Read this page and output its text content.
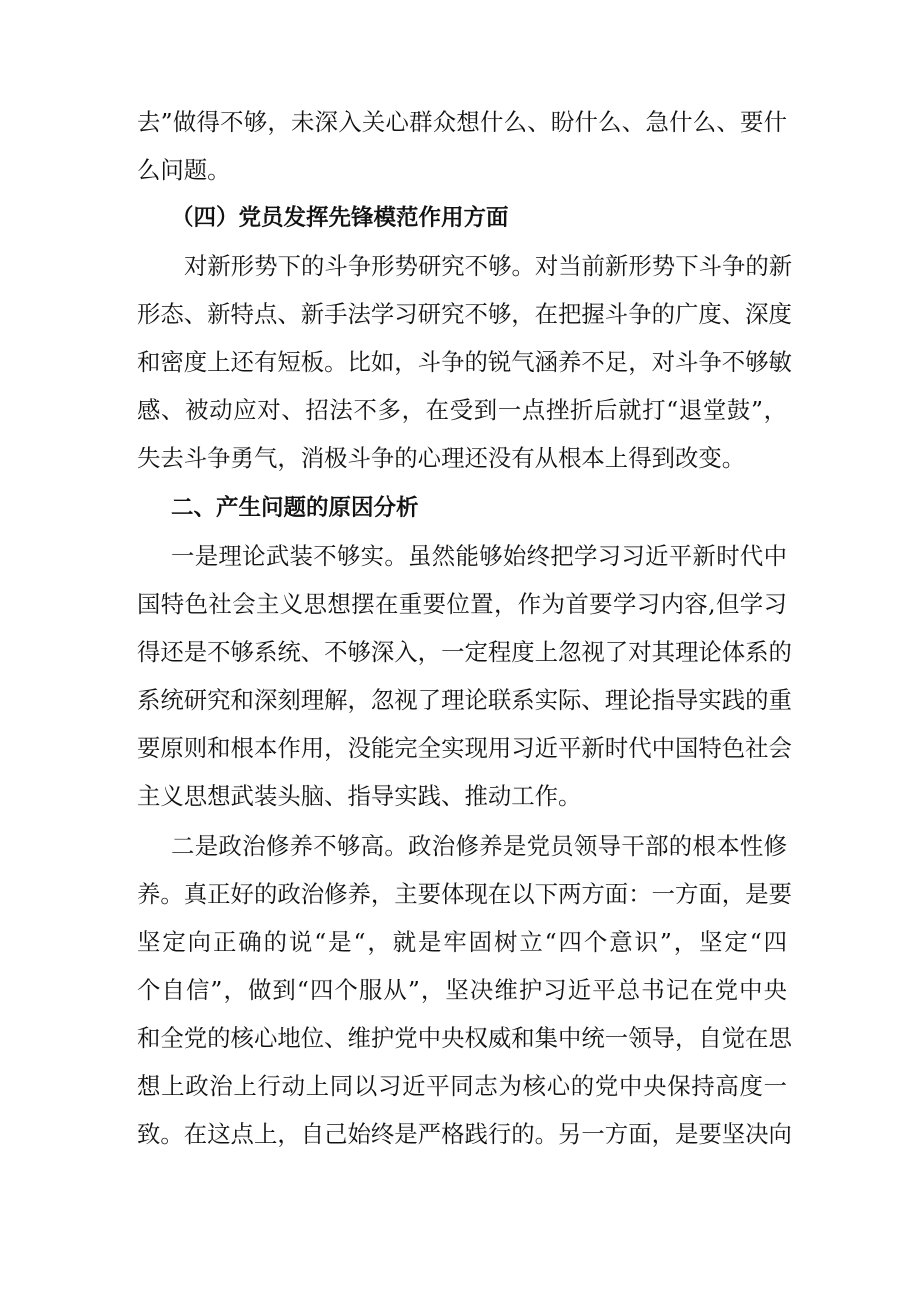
去”做得不够，未深入关心群众想什么、盼什么、急什么、要什
么问题。
（四）党员发挥先锋模范作用方面
对新形势下的斗争形势研究不够。对当前新形势下斗争的新
形态、新特点、新手法学习研究不够，在把握斗争的广度、深度
和密度上还有短板。比如，斗争的锐气涵养不足，对斗争不够敏
感、被动应对、招法不多，在受到一点挫折后就打“退堂鼓”，
失去斗争勇气，消极斗争的心理还没有从根本上得到改变。
二、产生问题的原因分析
一是理论武装不够实。虽然能够始终把学习习近平新时代中
国特色社会主义思想摆在重要位置，作为首要学习内容,但学习
得还是不够系统、不够深入，一定程度上忽视了对其理论体系的
系统研究和深刻理解，忽视了理论联系实际、理论指导实践的重
要原则和根本作用，没能完全实现用习近平新时代中国特色社会
主义思想武装头脑、指导实践、推动工作。
二是政治修养不够高。政治修养是党员领导干部的根本性修
养。真正好的政治修养，主要体现在以下两方面：一方面，是要
坚定向正确的说“是“，就是牢固树立“四个意识”，坚定“四
个自信”，做到“四个服从”，坚决维护习近平总书记在党中央
和全党的核心地位、维护党中央权威和集中统一领导，自觉在思
想上政治上行动上同以习近平同志为核心的党中央保持高度一
致。在这点上，自己始终是严格践行的。另一方面，是要坚决向
